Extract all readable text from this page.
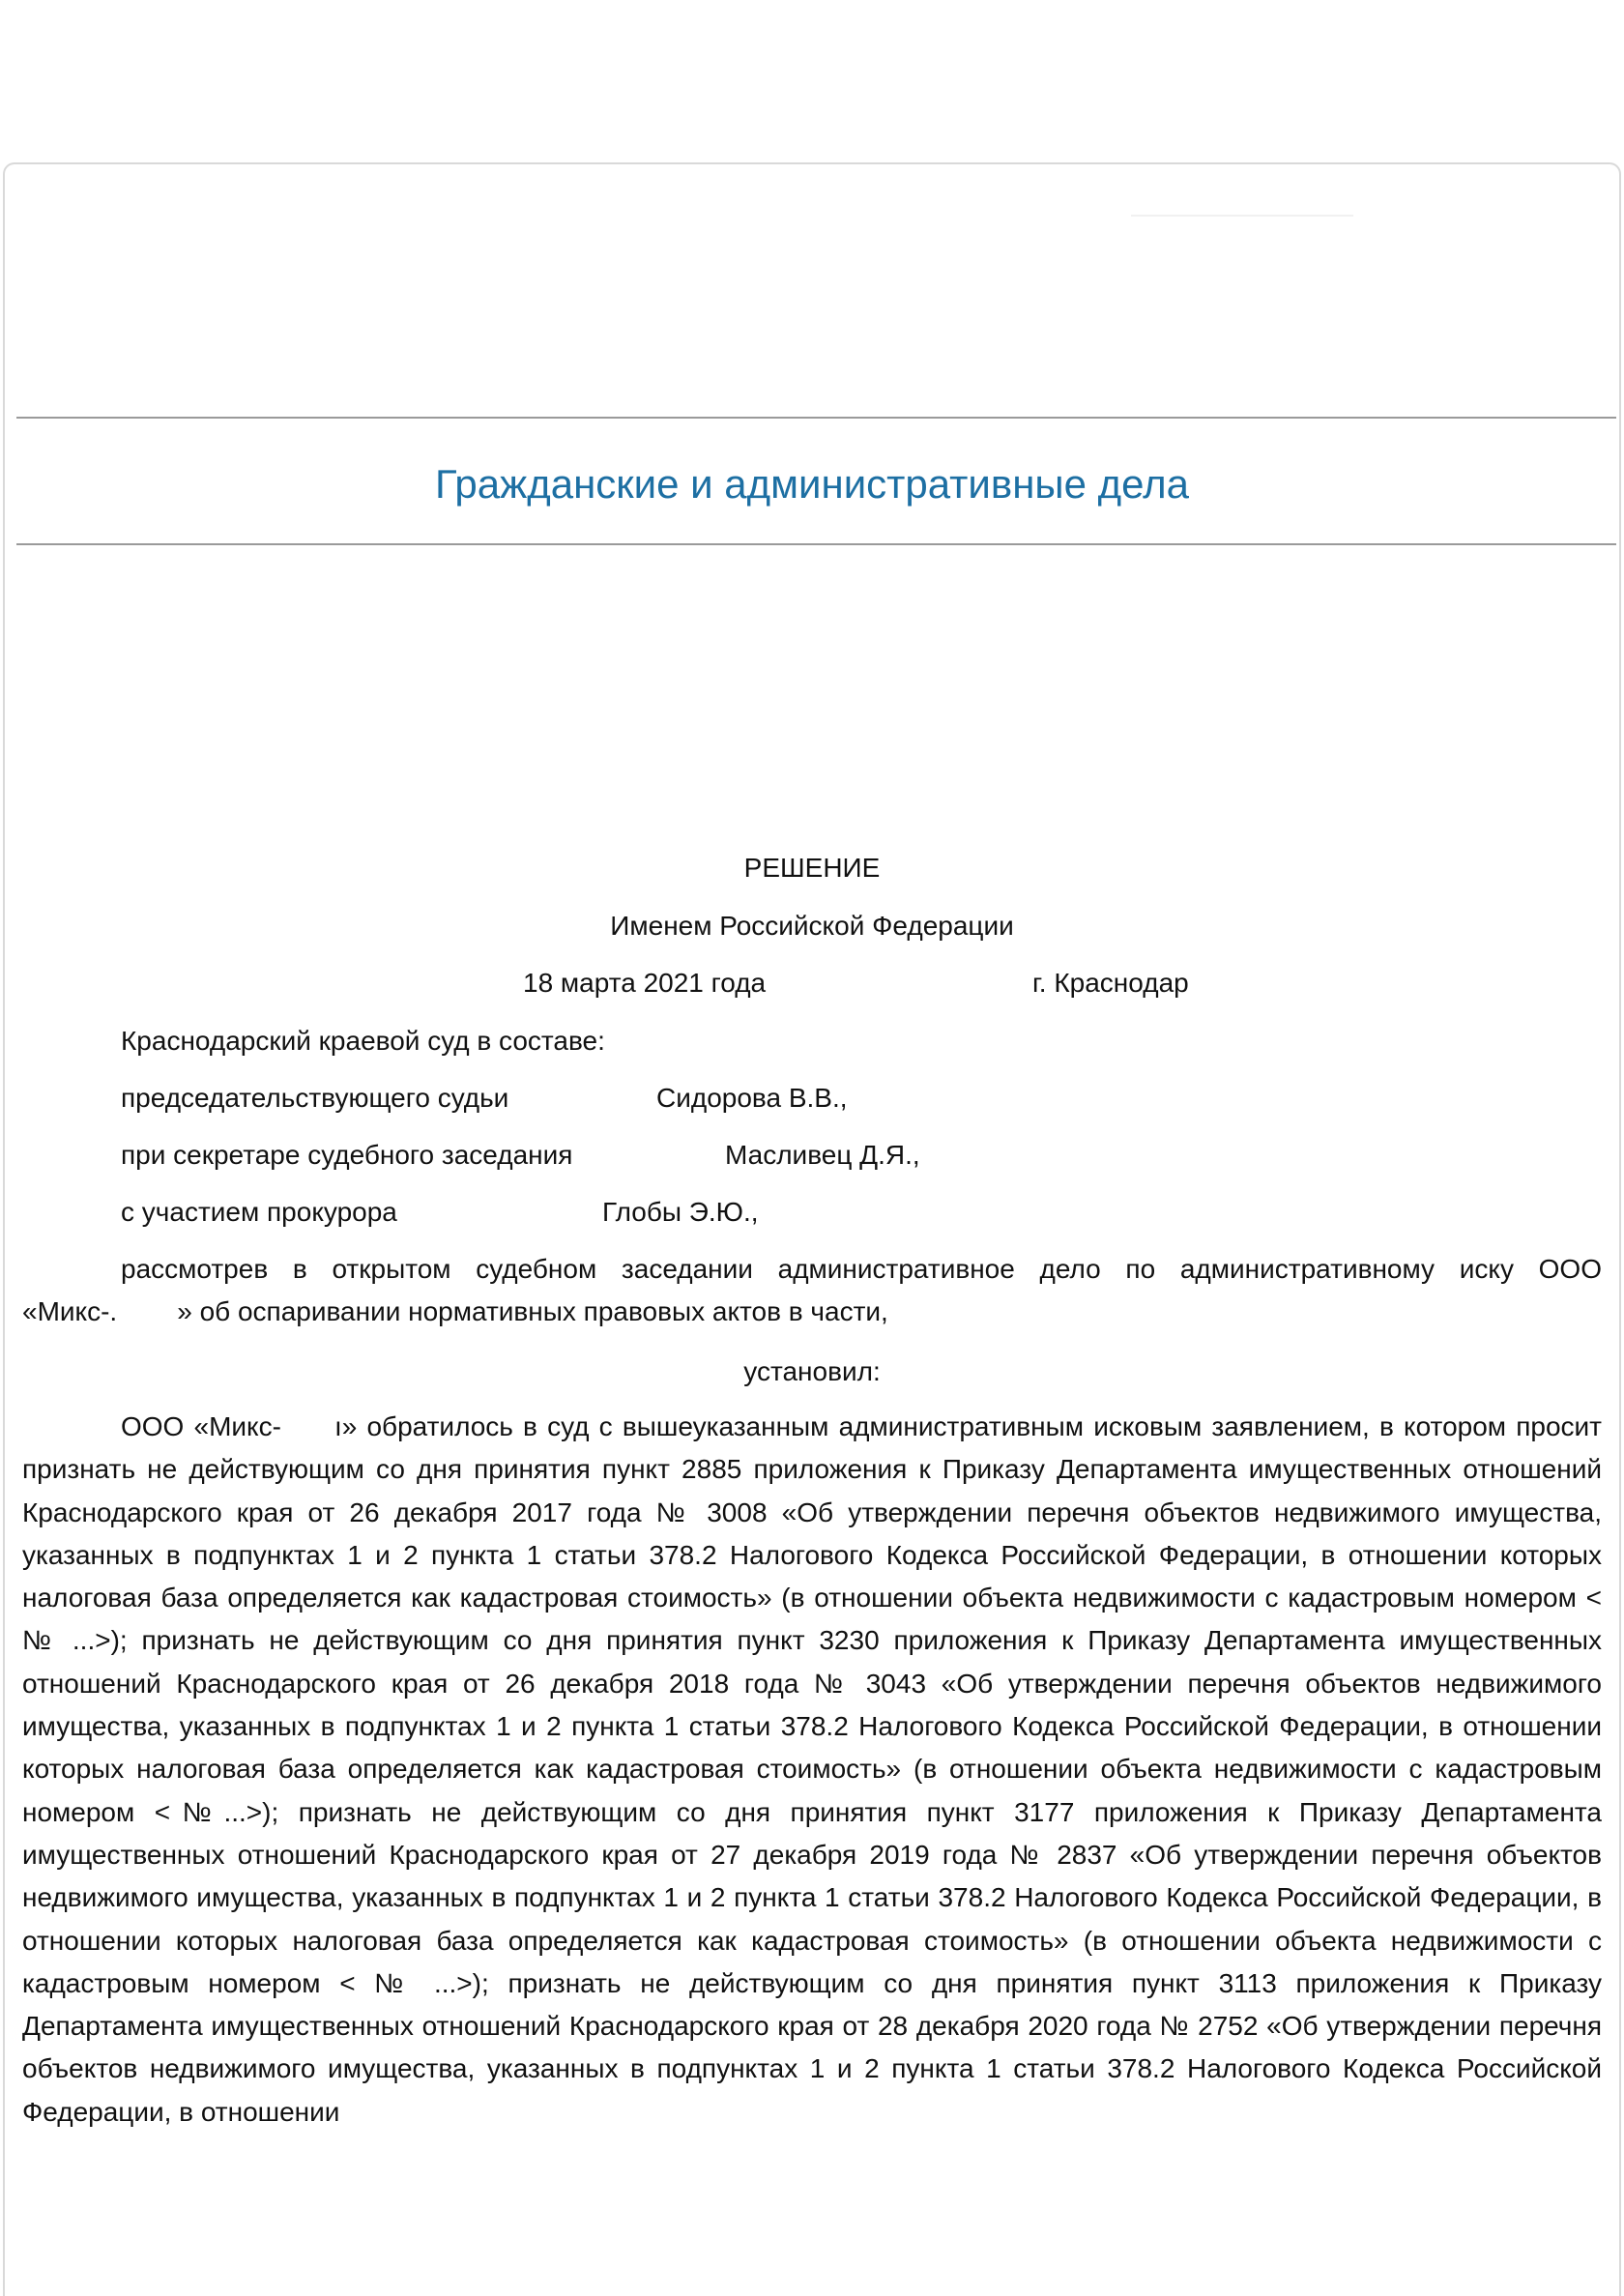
Гражданские и административные дела
РЕШЕНИЕ
Именем Российской Федерации
18 марта 2021 года	г. Краснодар
Краснодарский краевой суд в составе:
председательствующего судьи	Сидорова В.В.,
при секретаре судебного заседания	Масливец Д.Я.,
с участием прокурора	Глобы Э.Ю.,
рассмотрев в открытом судебном заседании административное дело по административному иску ООО
«Микс-. » об оспаривании нормативных правовых актов в части,
установил:
ООО «Микс- ı» обратилось в суд с вышеуказанным административным исковым заявлением, в котором просит признать не действующим со дня принятия пункт 2885 приложения к Приказу Департамента имущественных отношений Краснодарского края от 26 декабря 2017 года № 3008 «Об утверждении перечня объектов недвижимого имущества, указанных в подпунктах 1 и 2 пункта 1 статьи 378.2 Налогового Кодекса Российской Федерации, в отношении которых налоговая база определяется как кадастровая стоимость» (в отношении объекта недвижимости с кадастровым номером < № ...>); признать не действующим со дня принятия пункт 3230 приложения к Приказу Департамента имущественных отношений Краснодарского края от 26 декабря 2018 года № 3043 «Об утверждении перечня объектов недвижимого имущества, указанных в подпунктах 1 и 2 пункта 1 статьи 378.2 Налогового Кодекса Российской Федерации, в отношении которых налоговая база определяется как кадастровая стоимость» (в отношении объекта недвижимости с кадастровым номером <№...>); признать не действующим со дня принятия пункт 3177 приложения к Приказу Департамента имущественных отношений Краснодарского края от 27 декабря 2019 года № 2837 «Об утверждении перечня объектов недвижимого имущества, указанных в подпунктах 1 и 2 пункта 1 статьи 378.2 Налогового Кодекса Российской Федерации, в отношении которых налоговая база определяется как кадастровая стоимость» (в отношении объекта недвижимости с кадастровым номером < № ...>); признать не действующим со дня принятия пункт 3113 приложения к Приказу Департамента имущественных отношений Краснодарского края от 28 декабря 2020 года № 2752 «Об утверждении перечня объектов недвижимого имущества, указанных в подпунктах 1 и 2 пункта 1 статьи 378.2 Налогового Кодекса Российской Федерации, в отношении
